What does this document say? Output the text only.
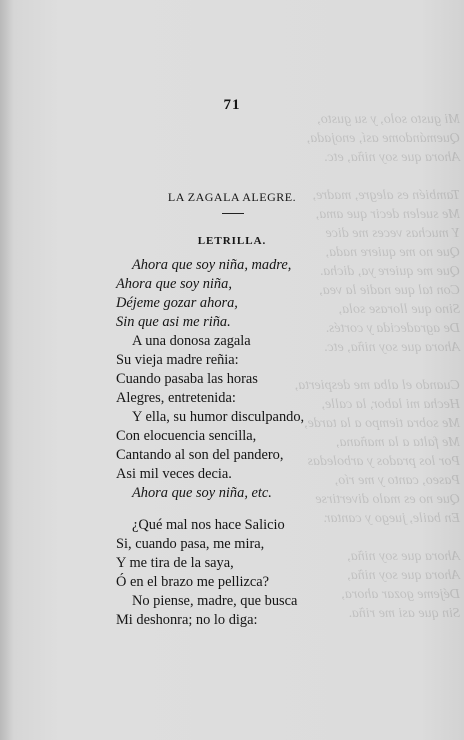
Mi gusto solo, y su gusto,
Quemándome así, enojada,
Ahora que soy niña, etc.

También es alegre, madre,
Me suelen decir que ama,
Y muchas veces me dice
Que no me quiere nada,
Que me quiere ya, dicha.
Con tal que nadie la vea,
Sino que llorase sola,
De agradecida y cortés.
Ahora que soy niña, etc.

Cuando el alba me despierta,
Hecha mi labor, la calle,
Me sobra tiempo a la tarde,
Me falta a la mañana,
Por los prados y arboledas
Paseo, canto y me río,
Que no es malo divertirse
En baile, juego y cantar.

Ahora que soy niña,
Ahora que soy niña,
Déjeme gozar ahora,
Sin que asi me riña.
71
LA ZAGALA ALEGRE.
LETRILLA.
Ahora que soy niña, madre,
Ahora que soy niña,
Déjeme gozar ahora,
Sin que asi me riña.
A una donosa zagala
Su vieja madre reñia:
Cuando pasaba las horas
Alegres, entretenida:
Y ella, su humor disculpando,
Con elocuencia sencilla,
Cantando al son del pandero,
Asi mil veces decia.
Ahora que soy niña, etc.
¿Qué mal nos hace Salicio
Si, cuando pasa, me mira,
Y me tira de la saya,
Ó en el brazo me pellizca?
No piense, madre, que busca
Mi deshonra; no lo diga:
